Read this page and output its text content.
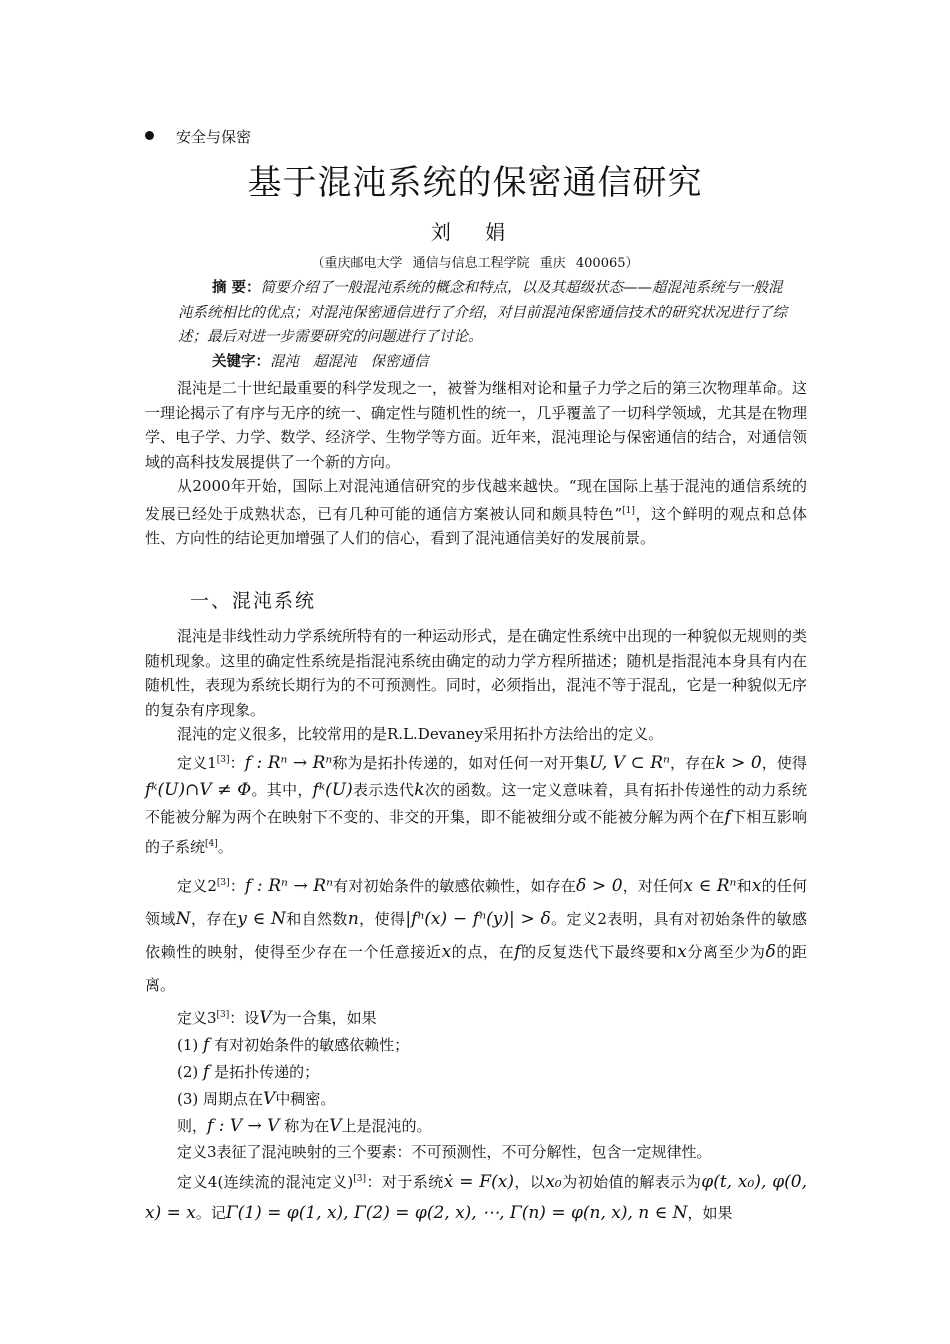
安全与保密
基于混沌系统的保密通信研究
刘 娟
（重庆邮电大学 通信与信息工程学院 重庆 400065）
摘 要：简要介绍了一般混沌系统的概念和特点，以及其超级状态——超混沌系统与一般混沌系统相比的优点；对混沌保密通信进行了介绍，对目前混沌保密通信技术的研究状况进行了综述；最后对进一步需要研究的问题进行了讨论。
关键字：混沌 超混沌 保密通信

混沌是二十世纪最重要的科学发现之一，被誉为继相对论和量子力学之后的第三次物理革命。这一理论揭示了有序与无序的统一、确定性与随机性的统一，几乎覆盖了一切科学领域，尤其是在物理学、电子学、力学、数学、经济学、生物学等方面。近年来，混沌理论与保密通信的结合，对通信领域的高科技发展提供了一个新的方向。

从2000年开始，国际上对混沌通信研究的步伐越来越快。“现在国际上基于混沌的通信系统的发展已经处于成熟状态，已有几种可能的通信方案被认同和颇具特色”[1]，这个鲜明的观点和总体性、方向性的结论更加增强了人们的信心，看到了混沌通信美好的发展前景。

一、混沌系统

混沌是非线性动力学系统所特有的一种运动形式，是在确定性系统中出现的一种貌似无规则的类随机现象。这里的确定性系统是指混沌系统由确定的动力学方程所描述；随机是指混沌本身具有内在随机性，表现为系统长期行为的不可预测性。同时，必须指出，混沌不等于混乱，它是一种貌似无序的复杂有序现象。

混沌的定义很多，比较常用的是R.L.Devaney采用拓扑方法给出的定义。

定义1[3]：f : Rⁿ → Rⁿ称为是拓扑传递的，如对任何一对开集U, V ⊂ Rⁿ，存在k > 0，使得fᵏ(U)∩V ≠ Φ。其中，fᵏ(U)表示迭代k次的函数。这一定义意味着，具有拓扑传递性的动力系统不能被分解为两个在映射下不变的、非交的开集，即不能被细分或不能被分解为两个在f下相互影响的子系统[4]。

定义2[3]：f : Rⁿ → Rⁿ有对初始条件的敏感依赖性，如存在δ > 0，对任何x ∈ Rⁿ和x的任何领域N，存在y ∈ N和自然数n，使得|fⁿ(x) − fⁿ(y)| > δ。定义2表明，具有对初始条件的敏感依赖性的映射，使得至少存在一个任意接近x的点，在f的反复迭代下最终要和x分离至少为δ的距离。

定义3[3]：设V为一合集，如果

(1) f 有对初始条件的敏感依赖性；

(2) f 是拓扑传递的；

(3) 周期点在V中稠密。

则，f : V → V 称为在V上是混沌的。

定义3表征了混沌映射的三个要素：不可预测性，不可分解性，包含一定规律性。

定义4(连续流的混沌定义)[3]：对于系统ẋ = F(x)，以x₀为初始值的解表示为φ(t, x₀), φ(0, x) = x。记Γ(1) = φ(1, x), Γ(2) = φ(2, x), ⋯, Γ(n) = φ(n, x), n ∈ N，如果
